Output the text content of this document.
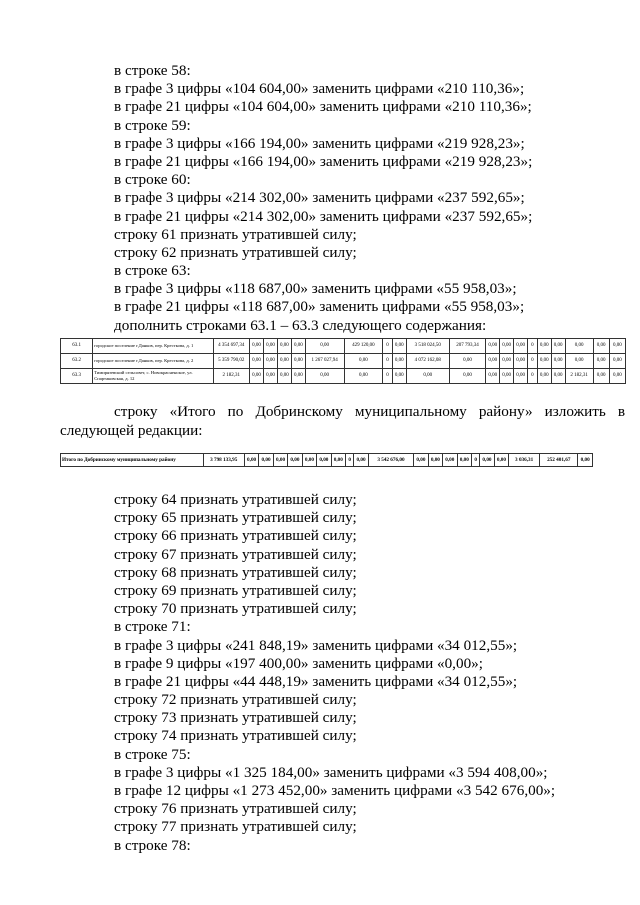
в строке 58:
в графе 3 цифры «104 604,00» заменить цифрами «210 110,36»;
в графе 21 цифры «104 604,00» заменить цифрами «210 110,36»;
в строке 59:
в графе 3 цифры «166 194,00» заменить цифрами «219 928,23»;
в графе 21 цифры «166 194,00» заменить цифрами «219 928,23»;
в строке 60:
в графе 3 цифры «214 302,00» заменить цифрами «237 592,65»;
в графе 21 цифры «214 302,00» заменить цифрами «237 592,65»;
строку 61 признать утратившей силу;
строку 62 признать утратившей силу;
в строке 63:
в графе 3 цифры «118 687,00» заменить цифрами «55 958,03»;
в графе 21 цифры «118 687,00» заменить цифрами «55 958,03»;
дополнить строками 63.1 – 63.3 следующего содержания:
63.1	городское поселение г.Данков, пер. Кресткова, д. 1	4 354 697,34	0,00	0,00	0,00	0,00	0,00	429 120,00	0	0,00	3 518 024,50	207 793,34	0,00	0,00	0,00	0	0,00	0,00	0,00	0,00	0,00
63.2	городское поселение г.Данков, пер. Кресткова, д. 2	5 359 790,02	0,00	0,00	0,00	0,00	1 267 027,94	0,00	0	0,00	4 072 162,08	0,00	0,00	0,00	0,00	0	0,00	0,00	0,00	0,00	0,00
63.3	Тимирязевский сельсовет, с. Новокрасненское, ул. Спартаковская, д. 12	2 182,31	0,00	0,00	0,00	0,00	0,00	0,00	0	0,00	0,00	0,00	0,00	0,00	0,00	0	0,00	0,00	2 182,31	0,00	0,00
строку «Итого по Добринскому муниципальному району» изложить в
следующей редакции:
Итого по Добринскому муниципальному району	3 798 133,95	0,00	0,00	0,00	0,00	0,00	0,00	0,00	0	0,00	3 542 676,00	0,00	0,00	0,00	0,00	0	0,00	0,00	3 036,31	252 401,67	0,00
строку 64 признать утратившей силу;
строку 65 признать утратившей силу;
строку 66 признать утратившей силу;
строку 67 признать утратившей силу;
строку 68 признать утратившей силу;
строку 69 признать утратившей силу;
строку 70 признать утратившей силу;
в строке 71:
в графе 3 цифры «241 848,19» заменить цифрами «34 012,55»;
в графе 9 цифры «197 400,00» заменить цифрами «0,00»;
в графе 21 цифры «44 448,19» заменить цифрами «34 012,55»;
строку 72 признать утратившей силу;
строку 73 признать утратившей силу;
строку 74 признать утратившей силу;
в строке 75:
в графе 3 цифры «1 325 184,00» заменить цифрами «3 594 408,00»;
в графе 12 цифры «1 273 452,00» заменить цифрами «3 542 676,00»;
строку 76 признать утратившей силу;
строку 77 признать утратившей силу;
в строке 78:
